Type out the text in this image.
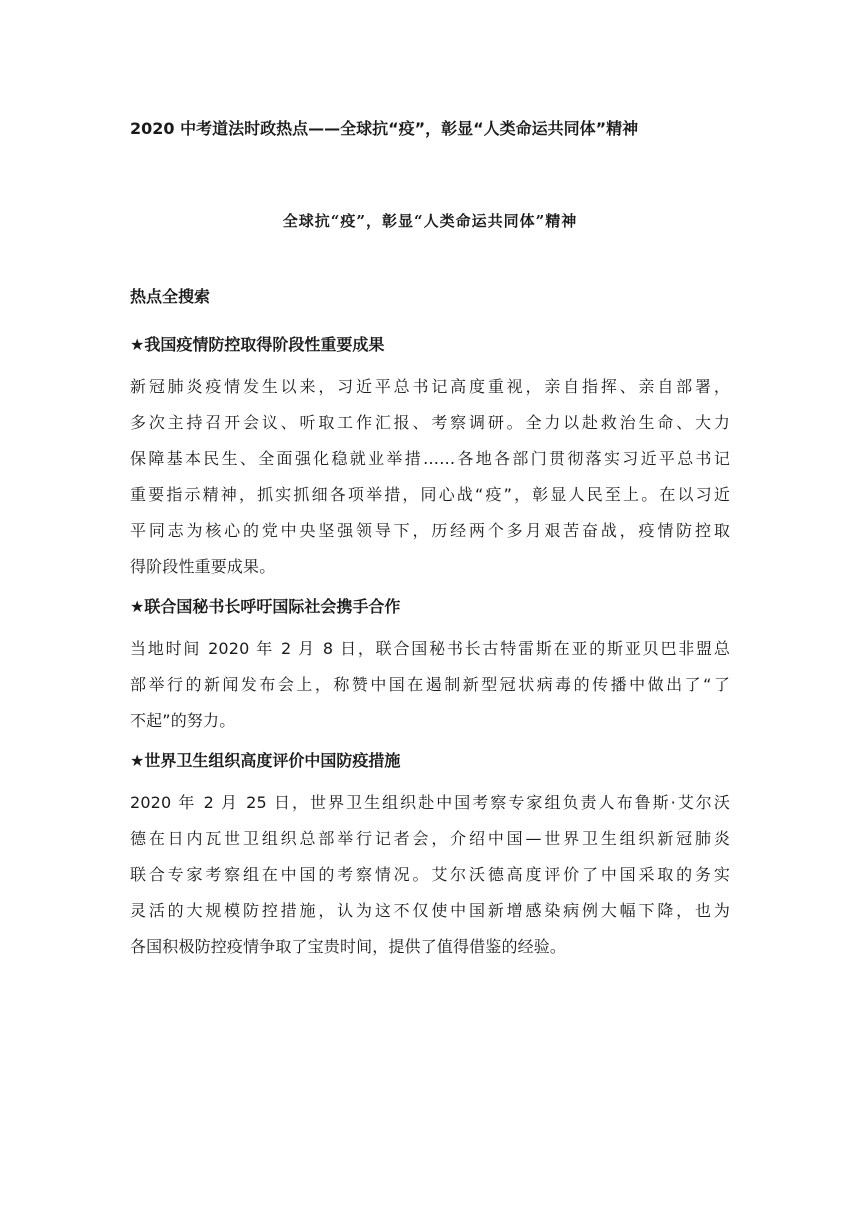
2020 中考道法时政热点——全球抗“疫”，彰显“人类命运共同体”精神
全球抗“疫”，彰显“人类命运共同体”精神
热点全搜索
★我国疫情防控取得阶段性重要成果
新冠肺炎疫情发生以来，习近平总书记高度重视，亲自指挥、亲自部署，
多次主持召开会议、听取工作汇报、考察调研。全力以赴救治生命、大力
保障基本民生、全面强化稳就业举措……各地各部门贯彻落实习近平总书记
重要指示精神，抓实抓细各项举措，同心战“疫”，彰显人民至上。在以习近
平同志为核心的党中央坚强领导下，历经两个多月艰苦奋战，疫情防控取
得阶段性重要成果。
★联合国秘书长呼吁国际社会携手合作
当地时间 2020 年 2 月 8 日，联合国秘书长古特雷斯在亚的斯亚贝巴非盟总
部举行的新闻发布会上，称赞中国在遏制新型冠状病毒的传播中做出了“了
不起”的努力。
★世界卫生组织高度评价中国防疫措施
2020 年 2 月 25 日，世界卫生组织赴中国考察专家组负责人布鲁斯·艾尔沃
德在日内瓦世卫组织总部举行记者会，介绍中国—世界卫生组织新冠肺炎
联合专家考察组在中国的考察情况。艾尔沃德高度评价了中国采取的务实
灵活的大规模防控措施，认为这不仅使中国新增感染病例大幅下降，也为
各国积极防控疫情争取了宝贵时间，提供了值得借鉴的经验。
